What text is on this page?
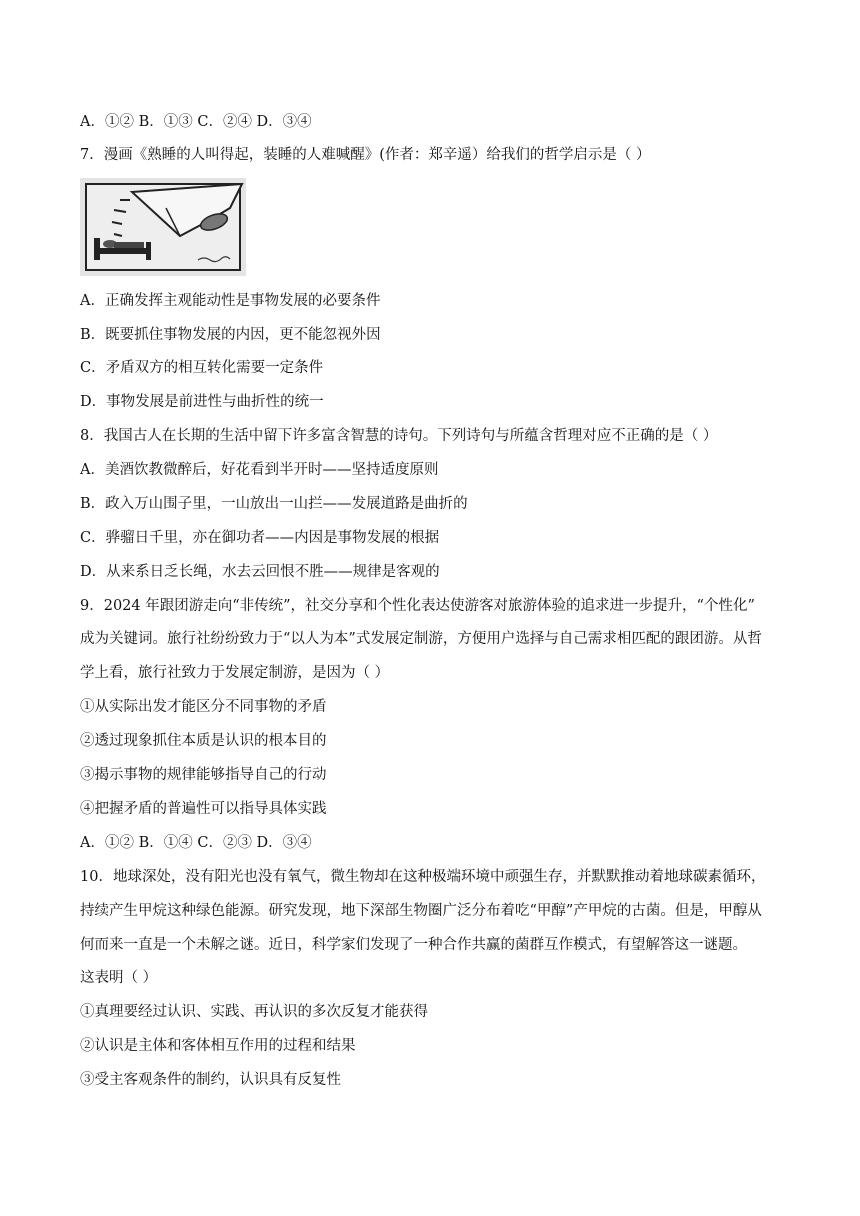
A．①② B．①③ C．②④ D．③④
7．漫画《熟睡的人叫得起，装睡的人难喊醒》(作者：郑辛遥）给我们的哲学启示是（ ）
A．正确发挥主观能动性是事物发展的必要条件
B．既要抓住事物发展的内因，更不能忽视外因
C．矛盾双方的相互转化需要一定条件
D．事物发展是前进性与曲折性的统一
8．我国古人在长期的生活中留下许多富含智慧的诗句。下列诗句与所蕴含哲理对应不正确的是（ ）
A．美酒饮教微醉后，好花看到半开时——坚持适度原则
B．政入万山围子里，一山放出一山拦——发展道路是曲折的
C．骅骝日千里，亦在御功者——内因是事物发展的根据
D．从来系日乏长绳，水去云回恨不胜——规律是客观的
9．2024 年跟团游走向“非传统”，社交分享和个性化表达使游客对旅游体验的追求进一步提升，“个性化”
成为关键词。旅行社纷纷致力于“以人为本”式发展定制游，方便用户选择与自己需求相匹配的跟团游。从哲
学上看，旅行社致力于发展定制游，是因为（ ）
①从实际出发才能区分不同事物的矛盾
②透过现象抓住本质是认识的根本目的
③揭示事物的规律能够指导自己的行动
④把握矛盾的普遍性可以指导具体实践
A．①② B．①④ C．②③ D．③④
10．地球深处，没有阳光也没有氧气，微生物却在这种极端环境中顽强生存，并默默推动着地球碳素循环，
持续产生甲烷这种绿色能源。研究发现，地下深部生物圈广泛分布着吃“甲醇”产甲烷的古菌。但是，甲醇从
何而来一直是一个未解之谜。近日，科学家们发现了一种合作共赢的菌群互作模式，有望解答这一谜题。
这表明（ ）
①真理要经过认识、实践、再认识的多次反复才能获得
②认识是主体和客体相互作用的过程和结果
③受主客观条件的制约，认识具有反复性
